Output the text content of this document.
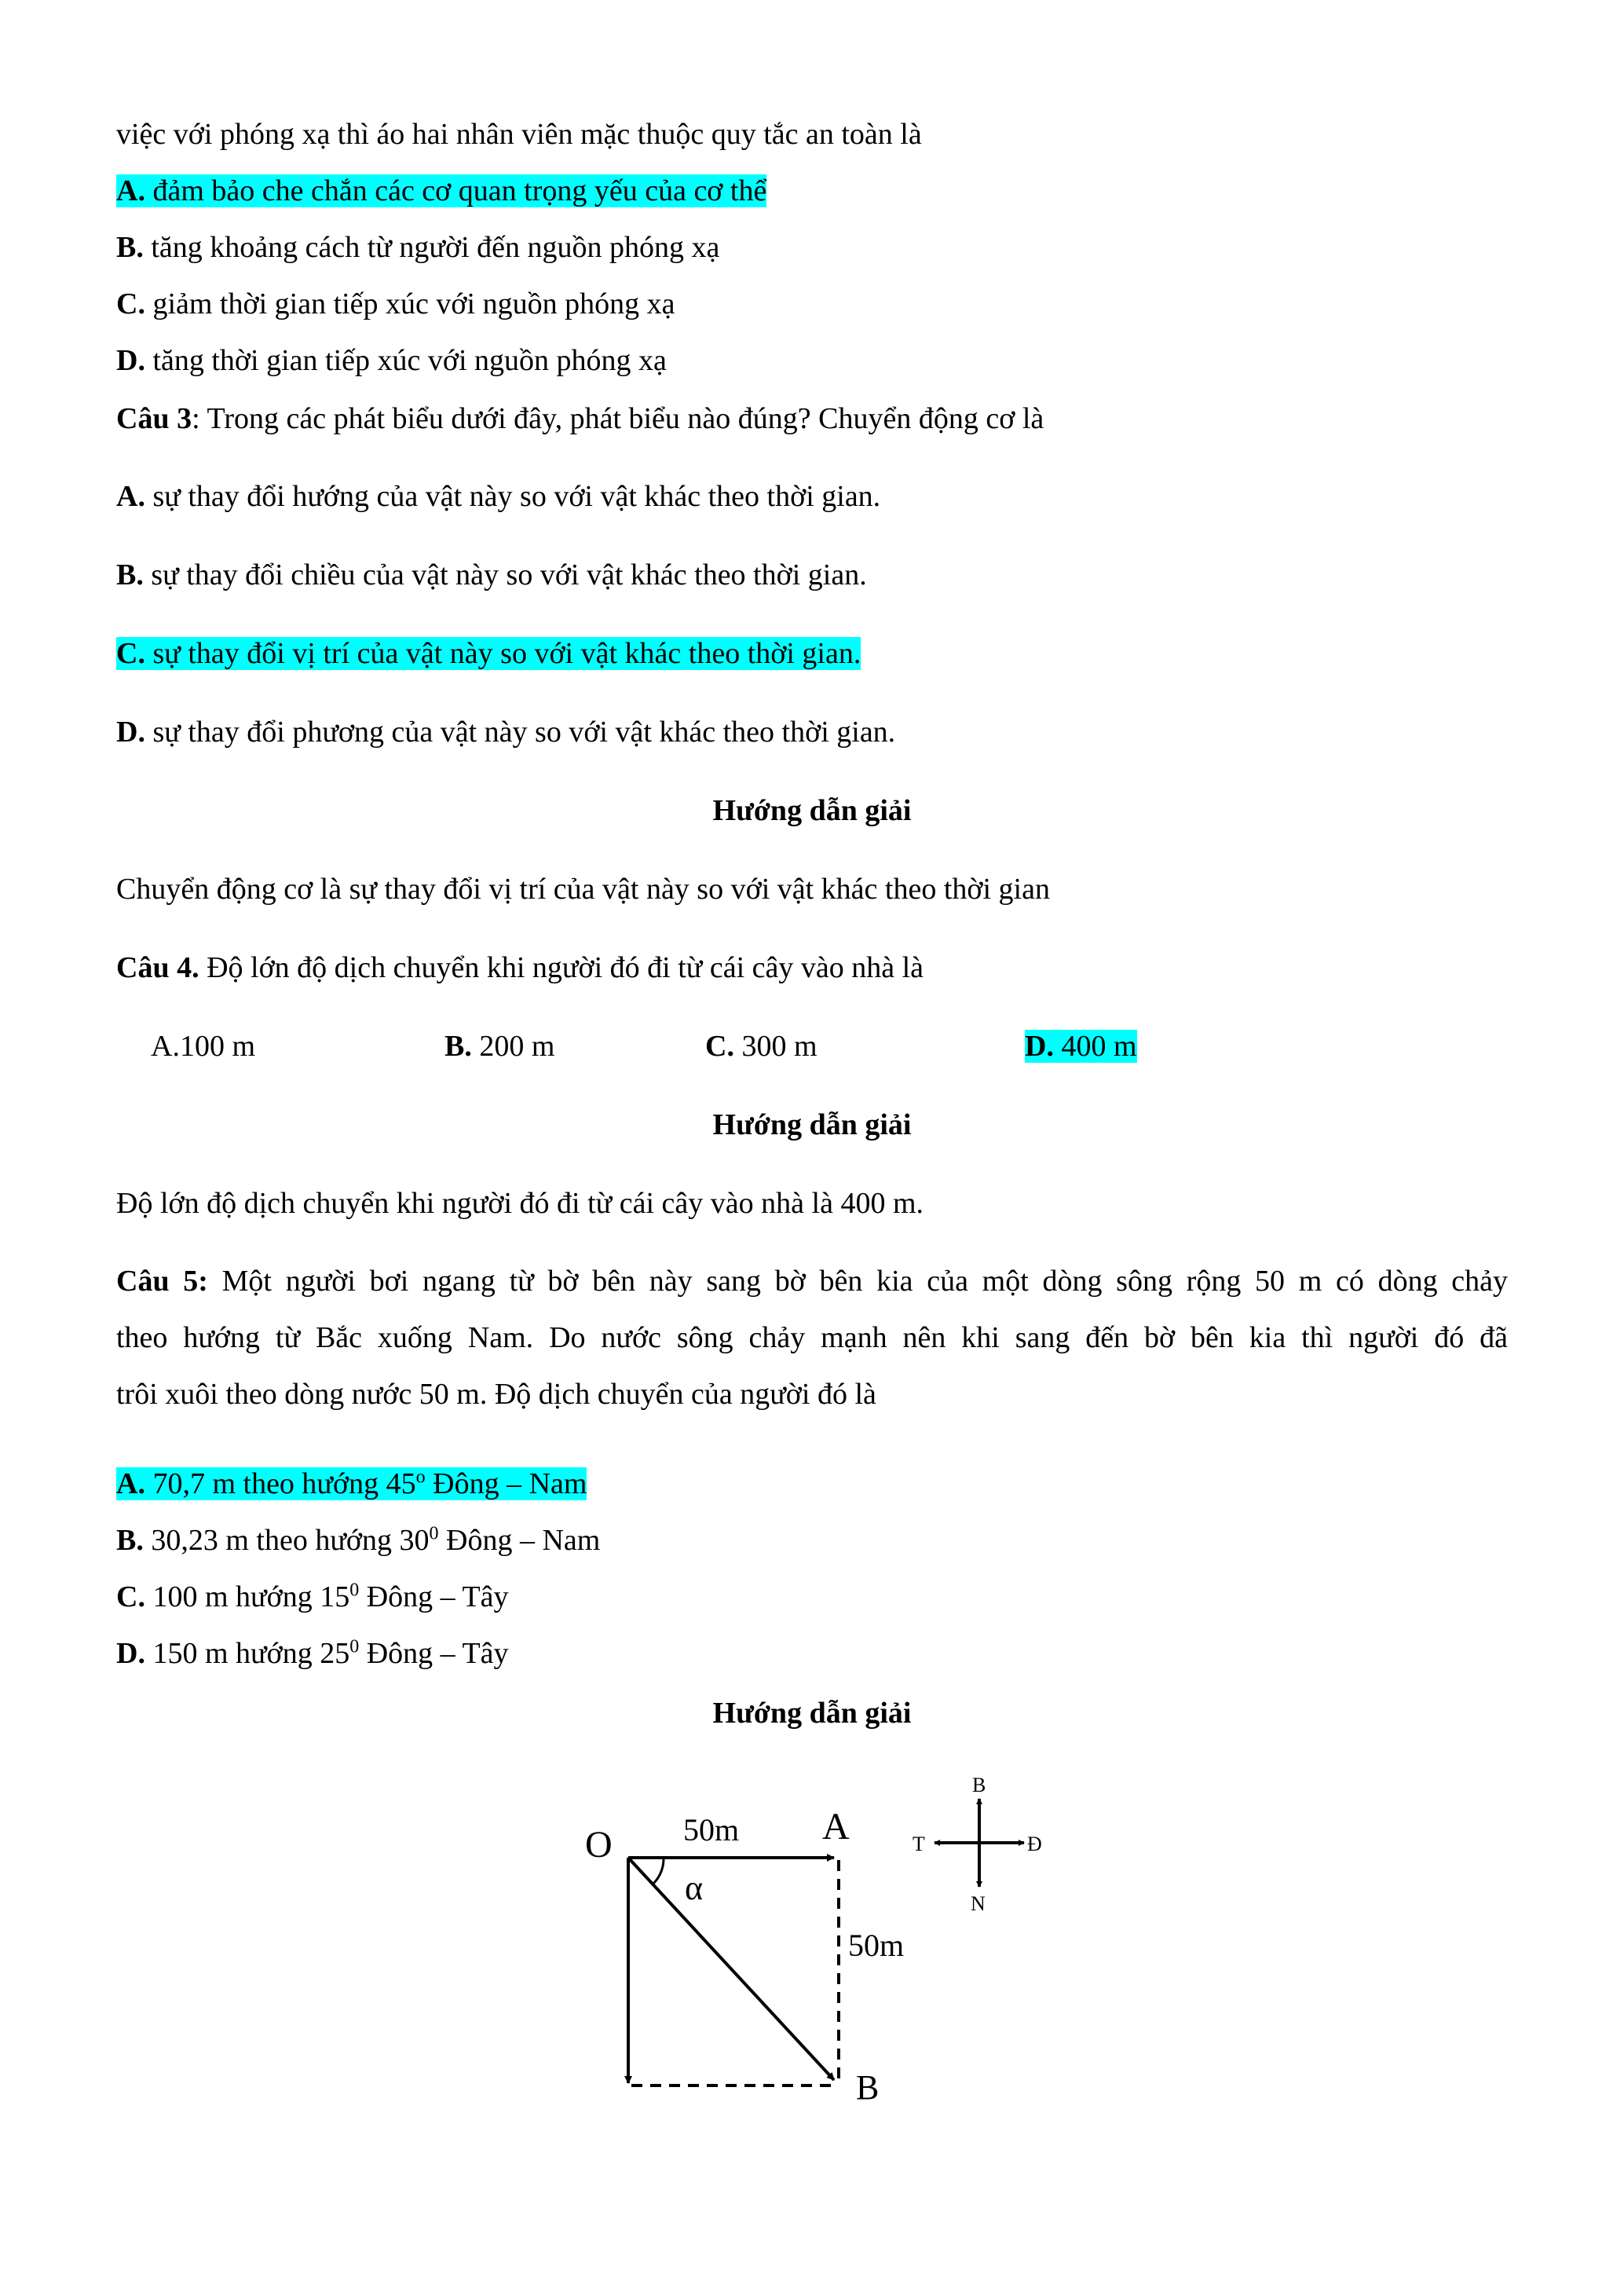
việc với phóng xạ thì áo hai nhân viên mặc thuộc quy tắc an toàn là
A. đảm bảo che chắn các cơ quan trọng yếu của cơ thể
B. tăng khoảng cách từ người đến nguồn phóng xạ
C. giảm thời gian tiếp xúc với nguồn phóng xạ
D. tăng thời gian tiếp xúc với nguồn phóng xạ
Câu 3: Trong các phát biểu dưới đây, phát biểu nào đúng? Chuyển động cơ là
A. sự thay đổi hướng của vật này so với vật khác theo thời gian.
B. sự thay đổi chiều của vật này so với vật khác theo thời gian.
C. sự thay đổi vị trí của vật này so với vật khác theo thời gian.
D. sự thay đổi phương của vật này so với vật khác theo thời gian.
Hướng dẫn giải
Chuyển động cơ là sự thay đổi vị trí của vật này so với vật khác theo thời gian
Câu 4. Độ lớn độ dịch chuyển khi người đó đi từ cái cây vào nhà là
A.100 m	B. 200 m	C. 300 m	D. 400 m
Hướng dẫn giải
Độ lớn độ dịch chuyển khi người đó đi từ cái cây vào nhà là 400 m.
Câu 5: Một người bơi ngang từ bờ bên này sang bờ bên kia của một dòng sông rộng 50 m có dòng chảy
theo hướng từ Bắc xuống Nam. Do nước sông chảy mạnh nên khi sang đến bờ bên kia thì người đó đã
trôi xuôi theo dòng nước 50 m. Độ dịch chuyển của người đó là
A. 70,7 m theo hướng 45$^o$ Đông – Nam
B. 30,23 m theo hướng $30^0$ Đông – Nam
C. 100 m hướng $15^0$ Đông – Tây
D. 150 m hướng $25^0$ Đông – Tây
Hướng dẫn giải
O 50m A
α
50m
B
B
N
T	Đ
